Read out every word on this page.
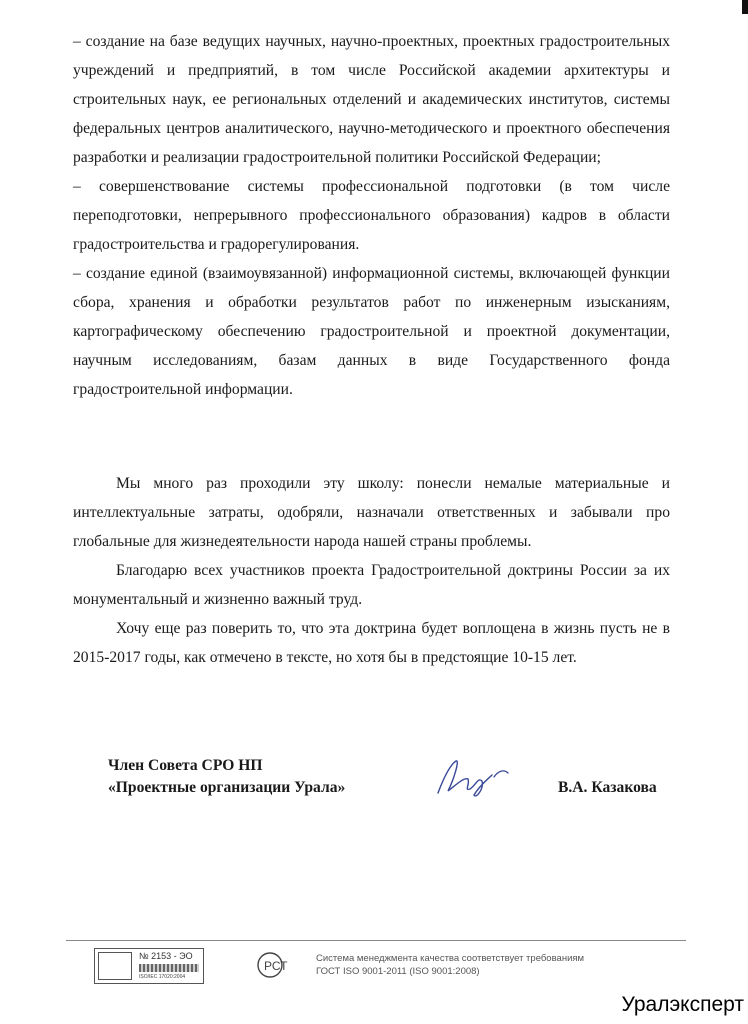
– создание на базе ведущих научных, научно-проектных, проектных градостроительных учреждений и предприятий, в том числе Российской академии архитектуры и строительных наук, ее региональных отделений и академических институтов, системы федеральных центров аналитического, научно-методического и проектного обеспечения разработки и реализации градостроительной политики Российской Федерации;

– совершенствование системы профессиональной подготовки (в том числе переподготовки, непрерывного профессионального образования) кадров в области градостроительства и градорегулирования.

– создание единой (взаимоувязанной) информационной системы, включающей функции сбора, хранения и обработки результатов работ по инженерным изысканиям, картографическому обеспечению градостроительной и проектной документации, научным исследованиям, базам данных в виде Государственного фонда градостроительной информации.

Мы много раз проходили эту школу: понесли немалые материальные и интеллектуальные затраты, одобряли, назначали ответственных и забывали про глобальные для жизнедеятельности народа нашей страны проблемы.

Благодарю всех участников проекта Градостроительной доктрины России за их монументальный и жизненно важный труд.

Хочу еще раз поверить то, что эта доктрина будет воплощена в жизнь пусть не в 2015-2017 годы, как отмечено в тексте, но хотя бы в предстоящие 10-15 лет.

Член Совета СРО НП
«Проектные организации Урала»	В.А. Казакова
№ 2153 - ЭО
ISO/IEC 17020:2004
РСТ
Система менеджмента качества соответствует требованиям
ГОСТ ISO 9001-2011 (ISO 9001:2008)
Уралэксперт
